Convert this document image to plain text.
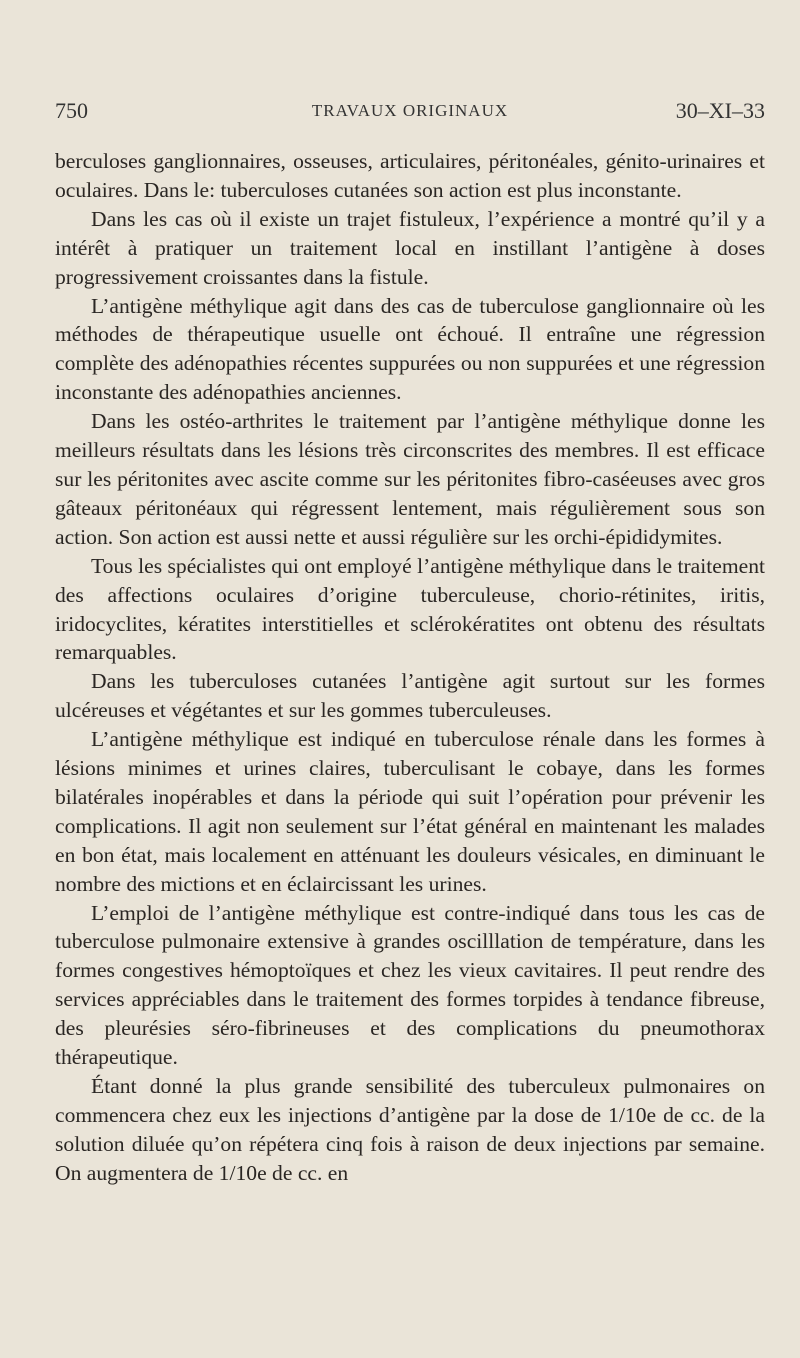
750	TRAVAUX ORIGINAUX	30–XI–33

berculoses ganglionnaires, osseuses, articulaires, péritonéales, génito-urinaires et oculaires. Dans le: tuberculoses cutanées son action est plus inconstante.

Dans les cas où il existe un trajet fistuleux, l’expérience a montré qu’il y a intérêt à pratiquer un traitement local en instillant l’antigène à doses progressivement croissantes dans la fistule.

L’antigène méthylique agit dans des cas de tuberculose ganglionnaire où les méthodes de thérapeutique usuelle ont échoué. Il entraîne une régression complète des adénopathies récentes suppurées ou non suppurées et une régression inconstante des adénopathies anciennes.

Dans les ostéo-arthrites le traitement par l’antigène méthylique donne les meilleurs résultats dans les lésions très circonscrites des membres. Il est efficace sur les péritonites avec ascite comme sur les péritonites fibro-caséeuses avec gros gâteaux péritonéaux qui régressent lentement, mais régulièrement sous son action. Son action est aussi nette et aussi régulière sur les orchi-épididymites.

Tous les spécialistes qui ont employé l’antigène méthylique dans le traitement des affections oculaires d’origine tuberculeuse, chorio-rétinites, iritis, iridocyclites, kératites interstitielles et sclérokératites ont obtenu des résultats remarquables.

Dans les tuberculoses cutanées l’antigène agit surtout sur les formes ulcéreuses et végétantes et sur les gommes tuberculeuses.

L’antigène méthylique est indiqué en tuberculose rénale dans les formes à lésions minimes et urines claires, tuberculisant le cobaye, dans les formes bilatérales inopérables et dans la période qui suit l’opération pour prévenir les complications. Il agit non seulement sur l’état général en maintenant les malades en bon état, mais localement en atténuant les douleurs vésicales, en diminuant le nombre des mictions et en éclaircissant les urines.

L’emploi de l’antigène méthylique est contre-indiqué dans tous les cas de tuberculose pulmonaire extensive à grandes oscilllation de température, dans les formes congestives hémoptoïques et chez les vieux cavitaires. Il peut rendre des services appréciables dans le traitement des formes torpides à tendance fibreuse, des pleurésies séro-fibrineuses et des complications du pneumothorax thérapeutique.

Étant donné la plus grande sensibilité des tuberculeux pulmonaires on commencera chez eux les injections d’antigène par la dose de 1/10e de cc. de la solution diluée qu’on répétera cinq fois à raison de deux injections par semaine. On augmentera de 1/10e de cc. en
